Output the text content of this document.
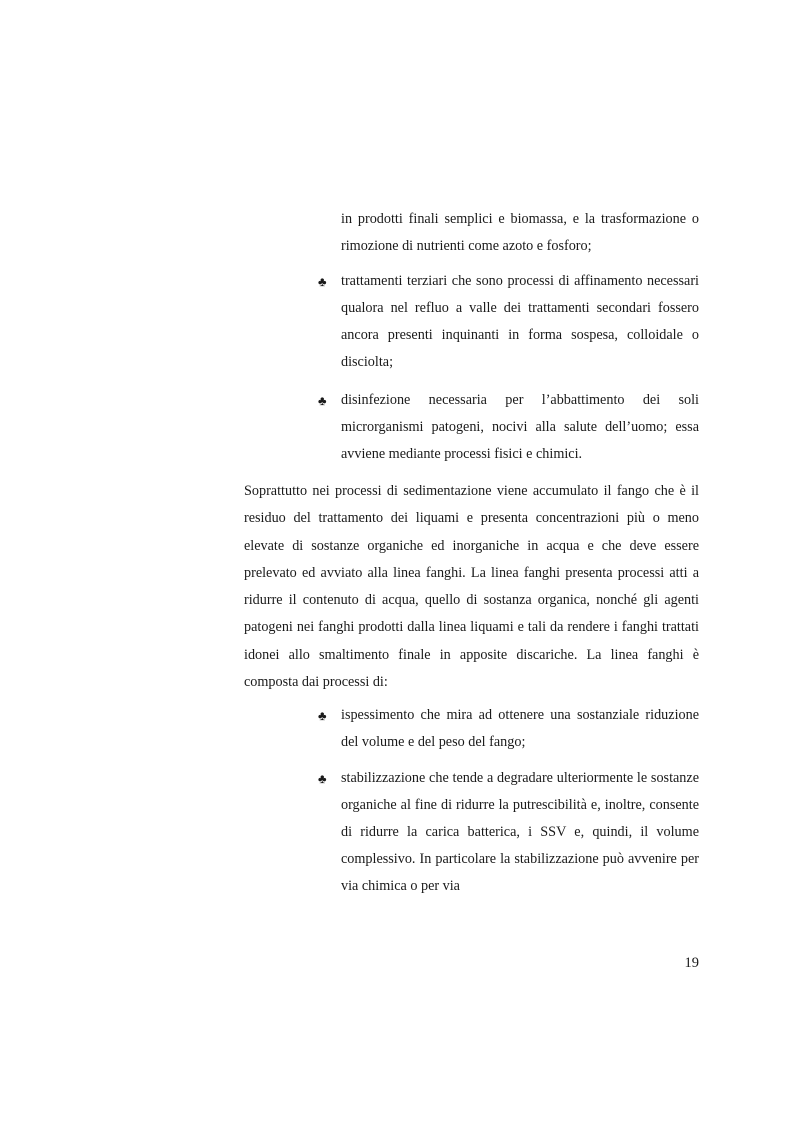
in prodotti finali semplici e biomassa, e la trasformazione o rimozione di nutrienti come azoto e fosforo;
♣	trattamenti terziari che sono processi di affinamento necessari qualora nel refluo a valle dei trattamenti secondari fossero ancora presenti inquinanti in forma sospesa, colloidale o disciolta;
♣	disinfezione necessaria per l’abbattimento dei soli microrganismi patogeni, nocivi alla salute dell’uomo; essa avviene mediante processi fisici e chimici.
Soprattutto nei processi di sedimentazione viene accumulato il fango che è il residuo del trattamento dei liquami e presenta concentrazioni più o meno elevate di sostanze organiche ed inorganiche in acqua e che deve essere prelevato ed avviato alla linea fanghi. La linea fanghi presenta processi atti a ridurre il contenuto di acqua, quello di sostanza organica, nonché gli agenti patogeni nei fanghi prodotti dalla linea liquami e tali da rendere i fanghi trattati idonei allo smaltimento finale in apposite discariche. La linea fanghi è composta dai processi di:
♣	ispessimento che mira ad ottenere una sostanziale riduzione del volume e del peso del fango;
♣	stabilizzazione che tende a degradare ulteriormente le sostanze organiche al fine di ridurre la putrescibilità e, inoltre, consente di ridurre la carica batterica, i SSV e, quindi, il volume complessivo. In particolare la stabilizzazione può avvenire per via chimica o per via
19
